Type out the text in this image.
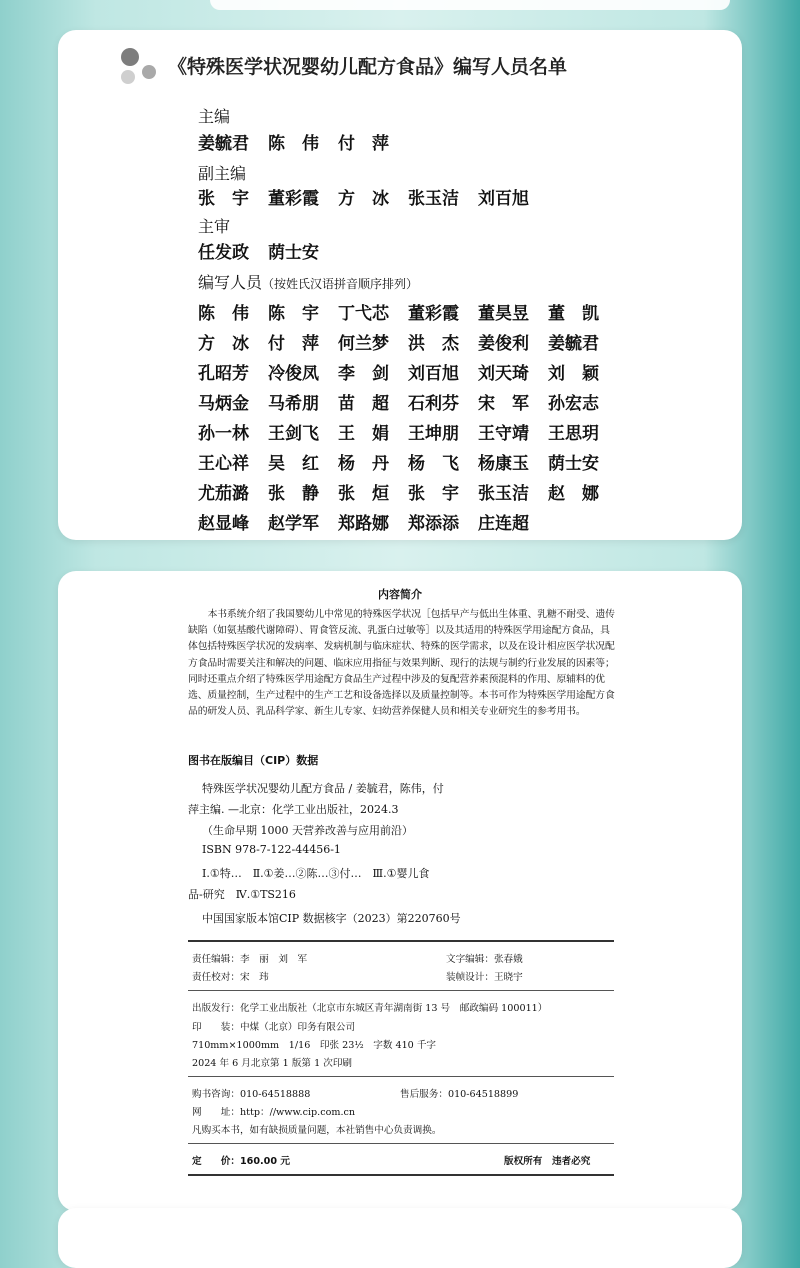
《特殊医学状况婴幼儿配方食品》编写人员名单
主编
姜毓君	陈　伟	付　萍
副主编
张　宇	董彩霞	方　冰	张玉洁	刘百旭
主审
任发政	荫士安
编写人员（按姓氏汉语拼音顺序排列）
陈　伟	陈　宇	丁弋芯	董彩霞	董昊昱	董　凯
方　冰	付　萍	何兰梦	洪　杰	姜俊利	姜毓君
孔昭芳	冷俊凤	李　剑	刘百旭	刘天琦	刘　颖
马炳金	马希朋	苗　超	石利芬	宋　军	孙宏志
孙一林	王剑飞	王　娟	王坤朋	王守靖	王思玥
王心祥	吴　红	杨　丹	杨　飞	杨康玉	荫士安
尤茄潞	张　静	张　烜	张　宇	张玉洁	赵　娜
赵显峰	赵学军	郑路娜	郑添添	庄连超
内容简介
本书系统介绍了我国婴幼儿中常见的特殊医学状况［包括早产与低出生体重、乳糖不耐受、遗传缺陷（如氨基酸代谢障碍）、胃食管反流、乳蛋白过敏等］以及其适用的特殊医学用途配方食品，具体包括特殊医学状况的发病率、发病机制与临床症状、特殊的医学需求，以及在设计相应医学状况配方食品时需要关注和解决的问题、临床应用指征与效果判断、现行的法规与制约行业发展的因素等；同时还重点介绍了特殊医学用途配方食品生产过程中涉及的复配营养素预混料的作用、原辅料的优选、质量控制，生产过程中的生产工艺和设备选择以及质量控制等。本书可作为特殊医学用途配方食品的研发人员、乳品科学家、新生儿专家、妇幼营养保健人员和相关专业研究生的参考用书。
图书在版编目（CIP）数据
特殊医学状况婴幼儿配方食品 / 姜毓君，陈伟，付
萍主编. —北京：化学工业出版社，2024.3
（生命早期 1000 天营养改善与应用前沿）
ISBN 978-7-122-44456-1
Ⅰ.①特…　Ⅱ.①姜…②陈…③付…　Ⅲ.①婴儿食
品-研究　Ⅳ.①TS216
中国国家版本馆CIP 数据核字（2023）第220760号
责任编辑：李　丽　刘　军	文字编辑：张春娥
责任校对：宋　玮	装帧设计：王晓宇
出版发行：化学工业出版社（北京市东城区青年湖南街 13 号　邮政编码 100011）
印　　装：中煤（北京）印务有限公司
710mm×1000mm　1/16　印张 23½　字数 410 千字
2024 年 6 月北京第 1 版第 1 次印刷
购书咨询：010-64518888	售后服务：010-64518899
网　　址：http：//www.cip.com.cn
凡购买本书，如有缺损质量问题，本社销售中心负责调换。
定　　价：160.00 元	版权所有　违者必究
